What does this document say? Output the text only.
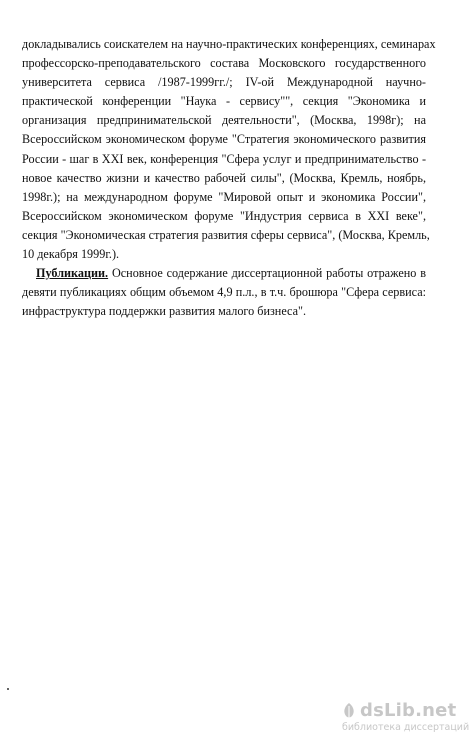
докладывались соискателем на научно-практических конференциях, семинарах
профессорско-преподавательского состава Московского государственного
университета сервиса /1987-1999гг./; IV-ой Международной научно-
практической конференции "Наука - сервису"", секция "Экономика и
организация предпринимательской деятельности", (Москва, 1998г); на
Всероссийском экономическом форуме "Стратегия экономического развития
России - шаг в XXI век, конференция "Сфера услуг и предпринимательство -
новое качество жизни и качество рабочей силы", (Москва, Кремль, ноябрь,
1998г.); на международном форуме "Мировой опыт и экономика России",
Всероссийском экономическом форуме "Индустрия сервиса в XXI веке",
секция "Экономическая стратегия развития сферы сервиса", (Москва, Кремль,
10 декабря 1999г.).
Публикации. Основное содержание диссертационной работы отражено в
девяти публикациях общим объемом 4,9 п.л., в т.ч. брошюра "Сфера сервиса:
инфраструктура поддержки развития малого бизнеса".
dsLib.net
библиотека диссертаций
